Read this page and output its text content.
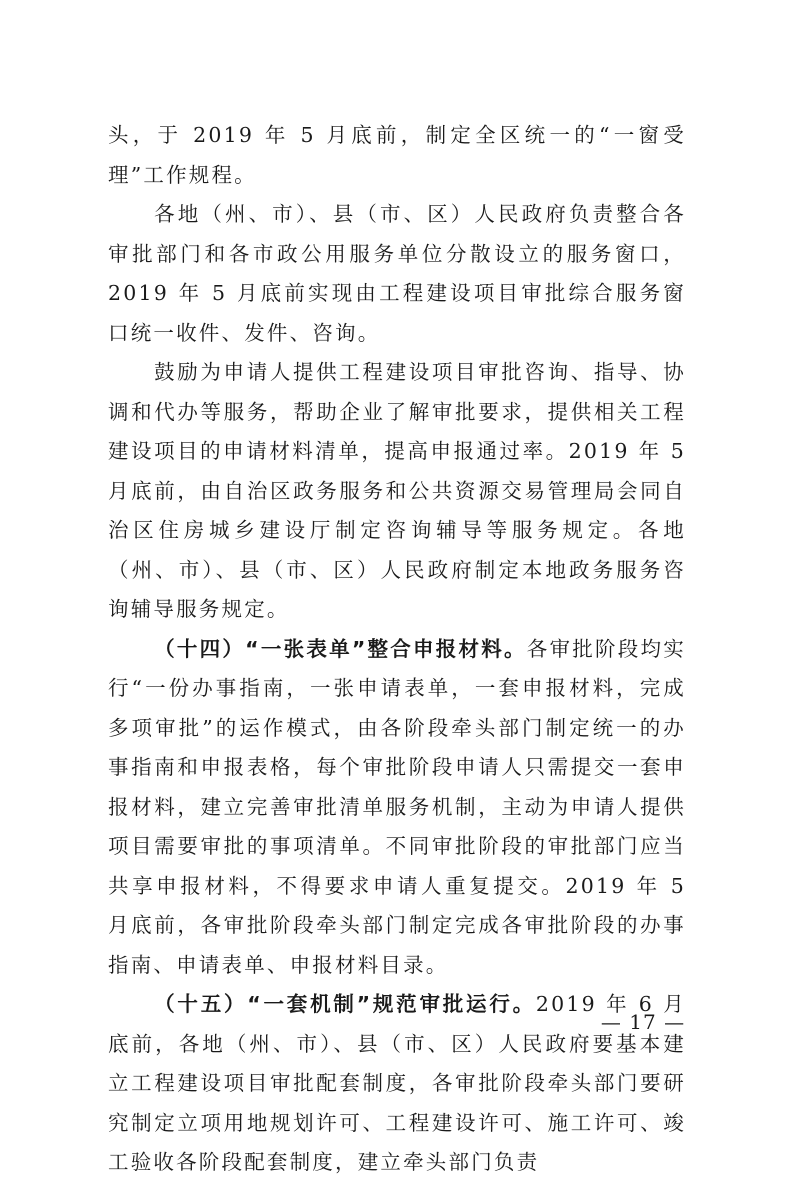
头，于 2019 年 5 月底前，制定全区统一的“一窗受理”工作规程。

各地（州、市）、县（市、区）人民政府负责整合各审批部门和各市政公用服务单位分散设立的服务窗口，2019 年 5 月底前实现由工程建设项目审批综合服务窗口统一收件、发件、咨询。

鼓励为申请人提供工程建设项目审批咨询、指导、协调和代办等服务，帮助企业了解审批要求，提供相关工程建设项目的申请材料清单，提高申报通过率。2019 年 5 月底前，由自治区政务服务和公共资源交易管理局会同自治区住房城乡建设厅制定咨询辅导等服务规定。各地（州、市）、县（市、区）人民政府制定本地政务服务咨询辅导服务规定。

（十四）“一张表单”整合申报材料。各审批阶段均实行“一份办事指南，一张申请表单，一套申报材料，完成多项审批”的运作模式，由各阶段牵头部门制定统一的办事指南和申报表格，每个审批阶段申请人只需提交一套申报材料，建立完善审批清单服务机制，主动为申请人提供项目需要审批的事项清单。不同审批阶段的审批部门应当共享申报材料，不得要求申请人重复提交。2019 年 5 月底前，各审批阶段牵头部门制定完成各审批阶段的办事指南、申请表单、申报材料目录。

（十五）“一套机制”规范审批运行。2019 年 6 月底前，各地（州、市）、县（市、区）人民政府要基本建立工程建设项目审批配套制度，各审批阶段牵头部门要研究制定立项用地规划许可、工程建设许可、施工许可、竣工验收各阶段配套制度，建立牵头部门负责

— 17 —
